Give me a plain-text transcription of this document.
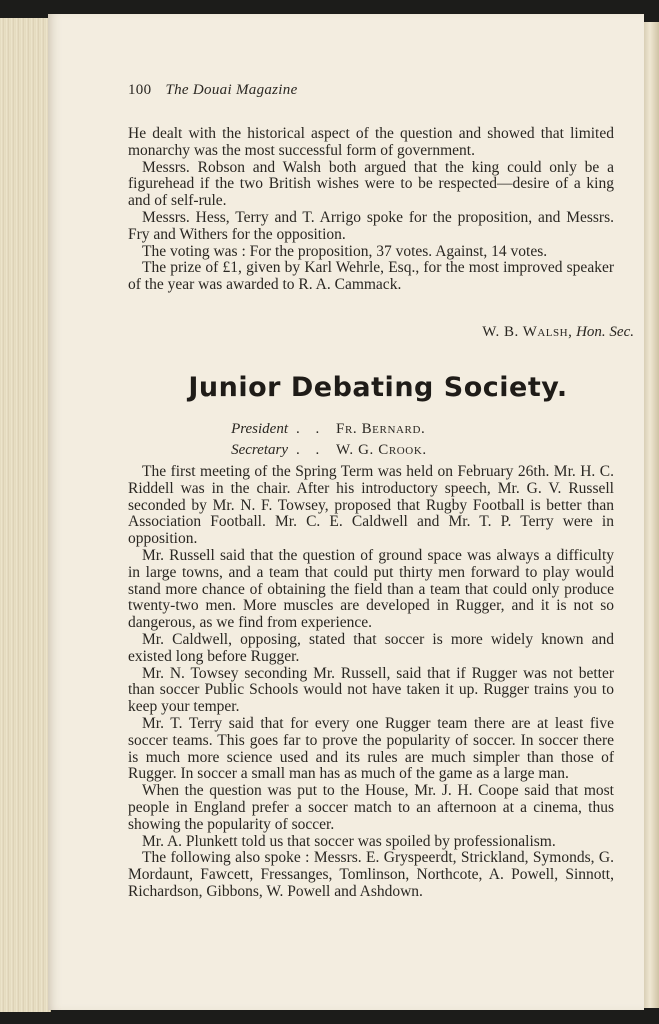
100 The Douai Magazine

He dealt with the historical aspect of the question and showed that limited monarchy was the most successful form of government.

Messrs. Robson and Walsh both argued that the king could only be a figurehead if the two British wishes were to be respected—desire of a king and of self-rule.

Messrs. Hess, Terry and T. Arrigo spoke for the proposition, and Messrs. Fry and Withers for the opposition.

The voting was : For the proposition, 37 votes. Against, 14 votes.

The prize of £1, given by Karl Wehrle, Esq., for the most improved speaker of the year was awarded to R. A. Cammack.

W. B. Walsh, Hon. Sec.
Junior Debating Society.
President . . Fr. Bernard.
Secretary . . W. G. Crook.

The first meeting of the Spring Term was held on February 26th. Mr. H. C. Riddell was in the chair. After his introductory speech, Mr. G. V. Russell seconded by Mr. N. F. Towsey, proposed that Rugby Football is better than Association Football. Mr. C. E. Caldwell and Mr. T. P. Terry were in opposition.

Mr. Russell said that the question of ground space was always a difficulty in large towns, and a team that could put thirty men forward to play would stand more chance of obtaining the field than a team that could only produce twenty-two men. More muscles are developed in Rugger, and it is not so dangerous, as we find from experience.

Mr. Caldwell, opposing, stated that soccer is more widely known and existed long before Rugger.

Mr. N. Towsey seconding Mr. Russell, said that if Rugger was not better than soccer Public Schools would not have taken it up. Rugger trains you to keep your temper.

Mr. T. Terry said that for every one Rugger team there are at least five soccer teams. This goes far to prove the popularity of soccer. In soccer there is much more science used and its rules are much simpler than those of Rugger. In soccer a small man has as much of the game as a large man.

When the question was put to the House, Mr. J. H. Coope said that most people in England prefer a soccer match to an afternoon at a cinema, thus showing the popularity of soccer.

Mr. A. Plunkett told us that soccer was spoiled by professionalism.

The following also spoke : Messrs. E. Gryspeerdt, Strickland, Symonds, G. Mordaunt, Fawcett, Fressanges, Tomlinson, Northcote, A. Powell, Sinnott, Richardson, Gibbons, W. Powell and Ashdown.
